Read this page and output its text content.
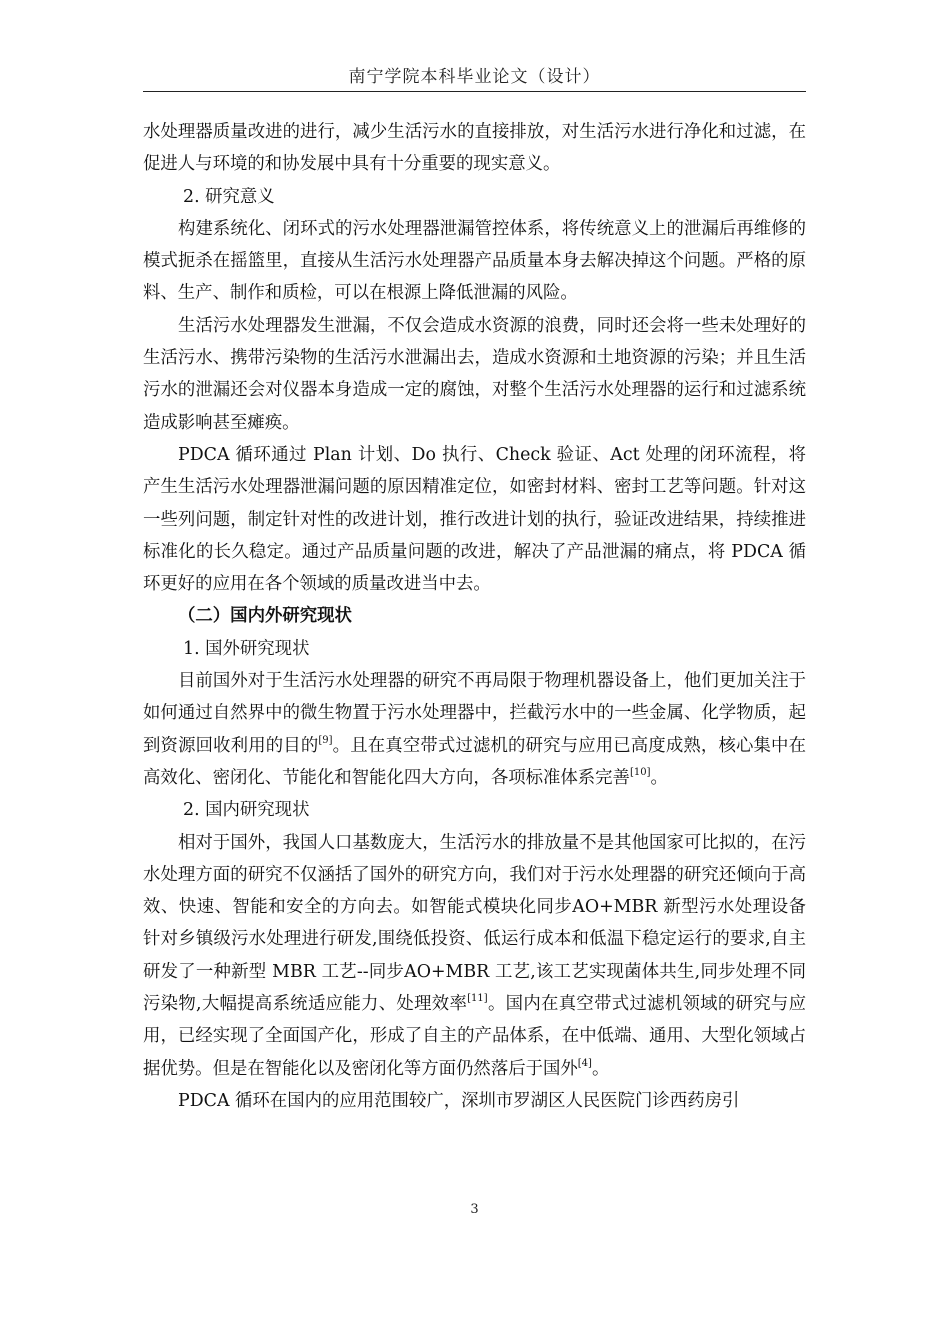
南宁学院本科毕业论文（设计）

水处理器质量改进的进行，减少生活污水的直接排放，对生活污水进行净化和过滤，在促进人与环境的和协发展中具有十分重要的现实意义。

2. 研究意义

构建系统化、闭环式的污水处理器泄漏管控体系，将传统意义上的泄漏后再维修的模式扼杀在摇篮里，直接从生活污水处理器产品质量本身去解决掉这个问题。严格的原料、生产、制作和质检，可以在根源上降低泄漏的风险。

生活污水处理器发生泄漏，不仅会造成水资源的浪费，同时还会将一些未处理好的生活污水、携带污染物的生活污水泄漏出去，造成水资源和土地资源的污染；并且生活污水的泄漏还会对仪器本身造成一定的腐蚀，对整个生活污水处理器的运行和过滤系统造成影响甚至瘫痪。

PDCA 循环通过 Plan 计划、Do 执行、Check 验证、Act 处理的闭环流程，将产生生活污水处理器泄漏问题的原因精准定位，如密封材料、密封工艺等问题。针对这一些列问题，制定针对性的改进计划，推行改进计划的执行，验证改进结果，持续推进标准化的长久稳定。通过产品质量问题的改进，解决了产品泄漏的痛点，将 PDCA 循环更好的应用在各个领域的质量改进当中去。

（二）国内外研究现状

1. 国外研究现状

目前国外对于生活污水处理器的研究不再局限于物理机器设备上，他们更加关注于如何通过自然界中的微生物置于污水处理器中，拦截污水中的一些金属、化学物质，起到资源回收利用的目的[9]。且在真空带式过滤机的研究与应用已高度成熟，核心集中在高效化、密闭化、节能化和智能化四大方向，各项标准体系完善[10]。

2. 国内研究现状

相对于国外，我国人口基数庞大，生活污水的排放量不是其他国家可比拟的，在污水处理方面的研究不仅涵括了国外的研究方向，我们对于污水处理器的研究还倾向于高效、快速、智能和安全的方向去。如智能式模块化同步AO+MBR 新型污水处理设备针对乡镇级污水处理进行研发,围绕低投资、低运行成本和低温下稳定运行的要求,自主研发了一种新型 MBR 工艺--同步AO+MBR 工艺,该工艺实现菌体共生,同步处理不同污染物,大幅提高系统适应能力、处理效率[11]。国内在真空带式过滤机领域的研究与应用，已经实现了全面国产化，形成了自主的产品体系，在中低端、通用、大型化领域占据优势。但是在智能化以及密闭化等方面仍然落后于国外[4]。

PDCA 循环在国内的应用范围较广，深圳市罗湖区人民医院门诊西药房引

3
